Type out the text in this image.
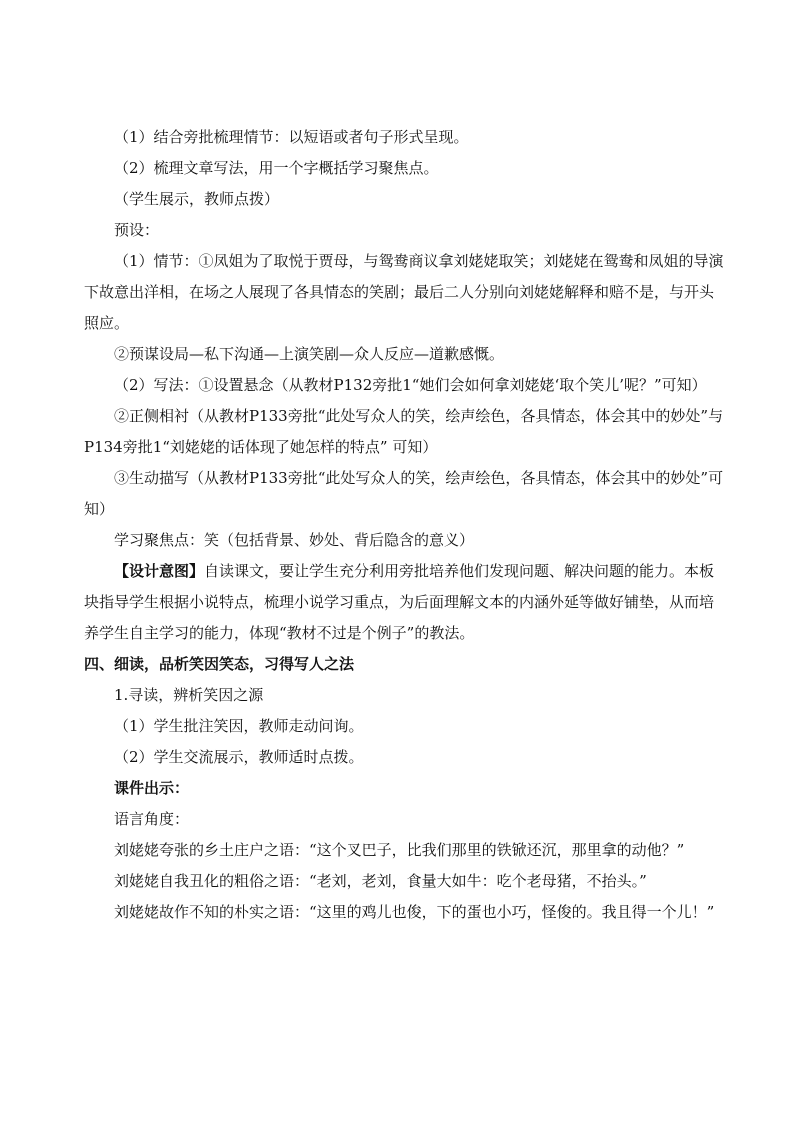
（1）结合旁批梳理情节：以短语或者句子形式呈现。

（2）梳理文章写法，用一个字概括学习聚焦点。

（学生展示，教师点拨）

预设：

（1）情节：①凤姐为了取悦于贾母，与鸳鸯商议拿刘姥姥取笑；刘姥姥在鸳鸯和凤姐的导演下故意出洋相，在场之人展现了各具情态的笑剧；最后二人分别向刘姥姥解释和赔不是，与开头照应。

②预谋设局—私下沟通—上演笑剧—众人反应—道歉感慨。

（2）写法：①设置悬念（从教材P132旁批1“她们会如何拿刘姥姥‘取个笑儿’呢？”可知）

②正侧相衬（从教材P133旁批“此处写众人的笑，绘声绘色，各具情态，体会其中的妙处”与P134旁批1“刘姥姥的话体现了她怎样的特点” 可知）

③生动描写（从教材P133旁批“此处写众人的笑，绘声绘色，各具情态，体会其中的妙处”可知）

学习聚焦点：笑（包括背景、妙处、背后隐含的意义）

【设计意图】自读课文，要让学生充分利用旁批培养他们发现问题、解决问题的能力。本板块指导学生根据小说特点，梳理小说学习重点，为后面理解文本的内涵外延等做好铺垫，从而培养学生自主学习的能力，体现“教材不过是个例子”的教法。

四、细读，品析笑因笑态，习得写人之法

1.寻读，辨析笑因之源

（1）学生批注笑因，教师走动问询。

（2）学生交流展示，教师适时点拨。

课件出示：

语言角度：

刘姥姥夸张的乡土庄户之语：“这个叉巴子，比我们那里的铁锨还沉，那里拿的动他？”

刘姥姥自我丑化的粗俗之语：“老刘，老刘，食量大如牛：吃个老母猪，不抬头。”

刘姥姥故作不知的朴实之语：“这里的鸡儿也俊，下的蛋也小巧，怪俊的。我且得一个儿！”
